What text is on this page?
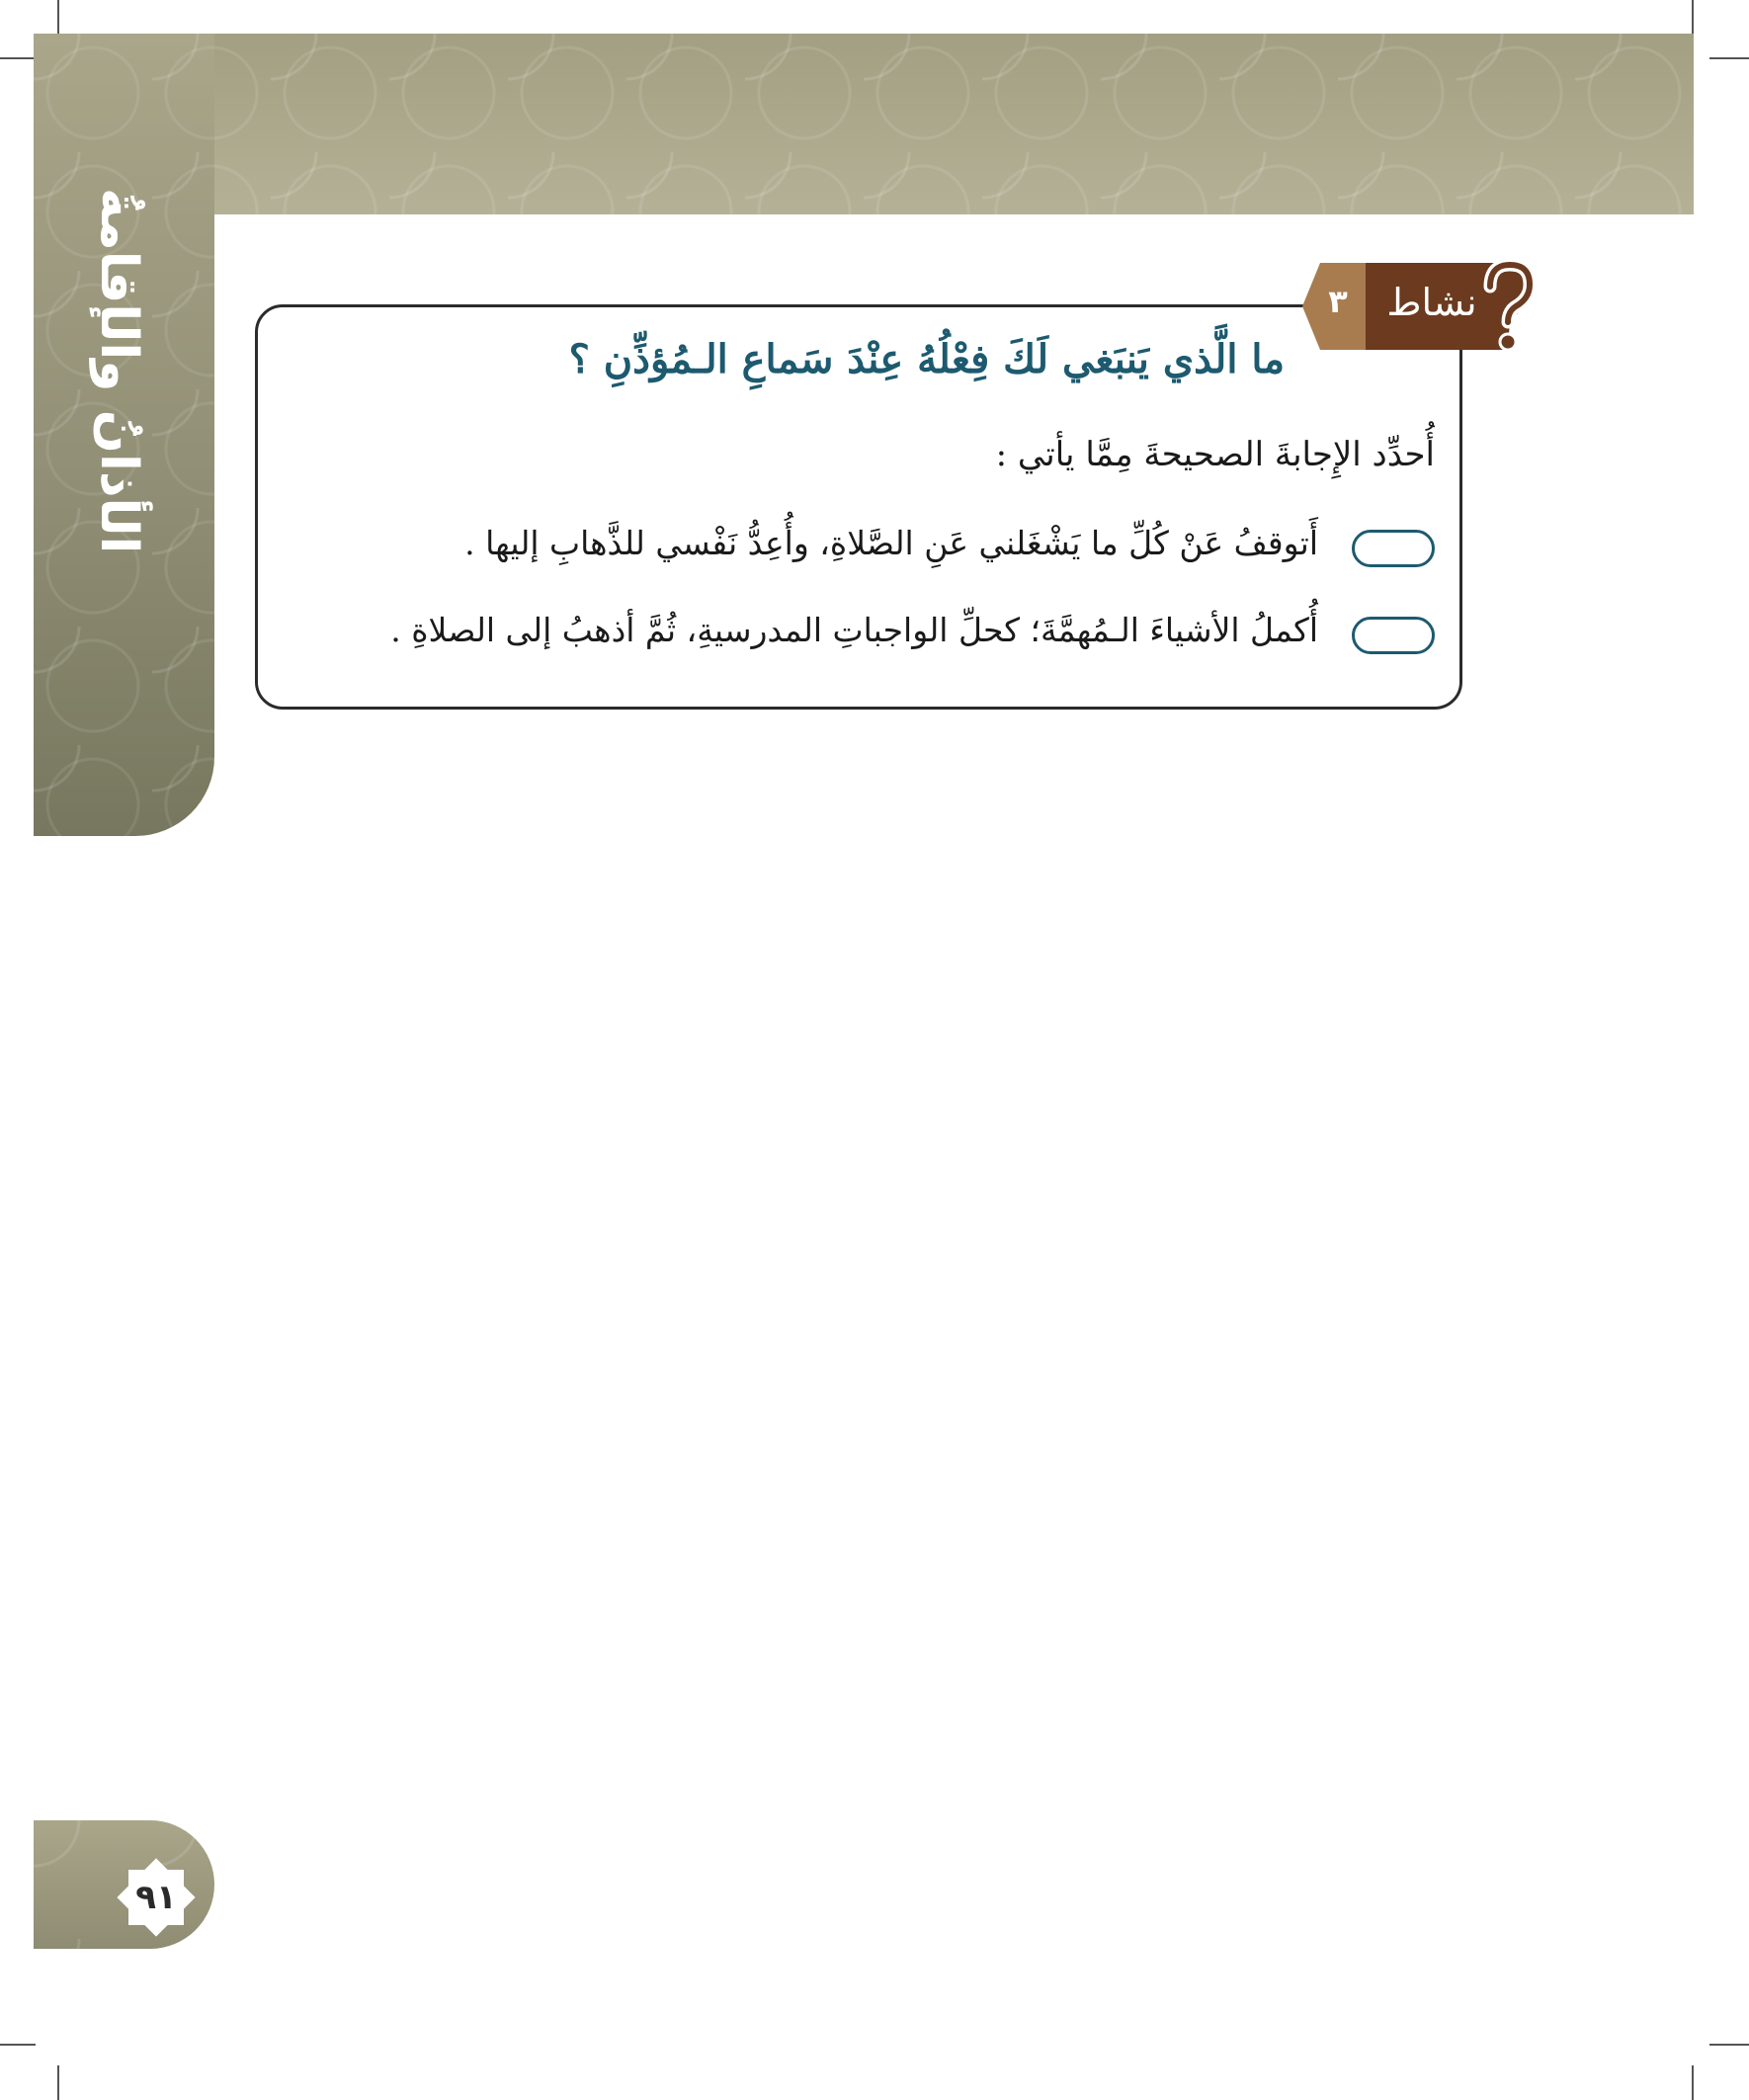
الأذانُ والإقامةُ
٩١
٣	نشاط
ما الَّذي يَنبَغي لَكَ فِعْلُهُ عِنْدَ سَماعِ الـمُؤذِّنِ ؟
أُحدِّد الإِجابةَ الصحيحةَ مِمَّا يأتي :
أَتوقفُ عَنْ كُلِّ ما يَشْغَلني عَنِ الصَّلاةِ، وأُعِدُّ نَفْسي للذَّهابِ إليها .
أُكملُ الأشياءَ الـمُهمَّةَ؛ كحلِّ الواجباتِ المدرسيةِ، ثُمَّ أذهبُ إلى الصلاةِ .
